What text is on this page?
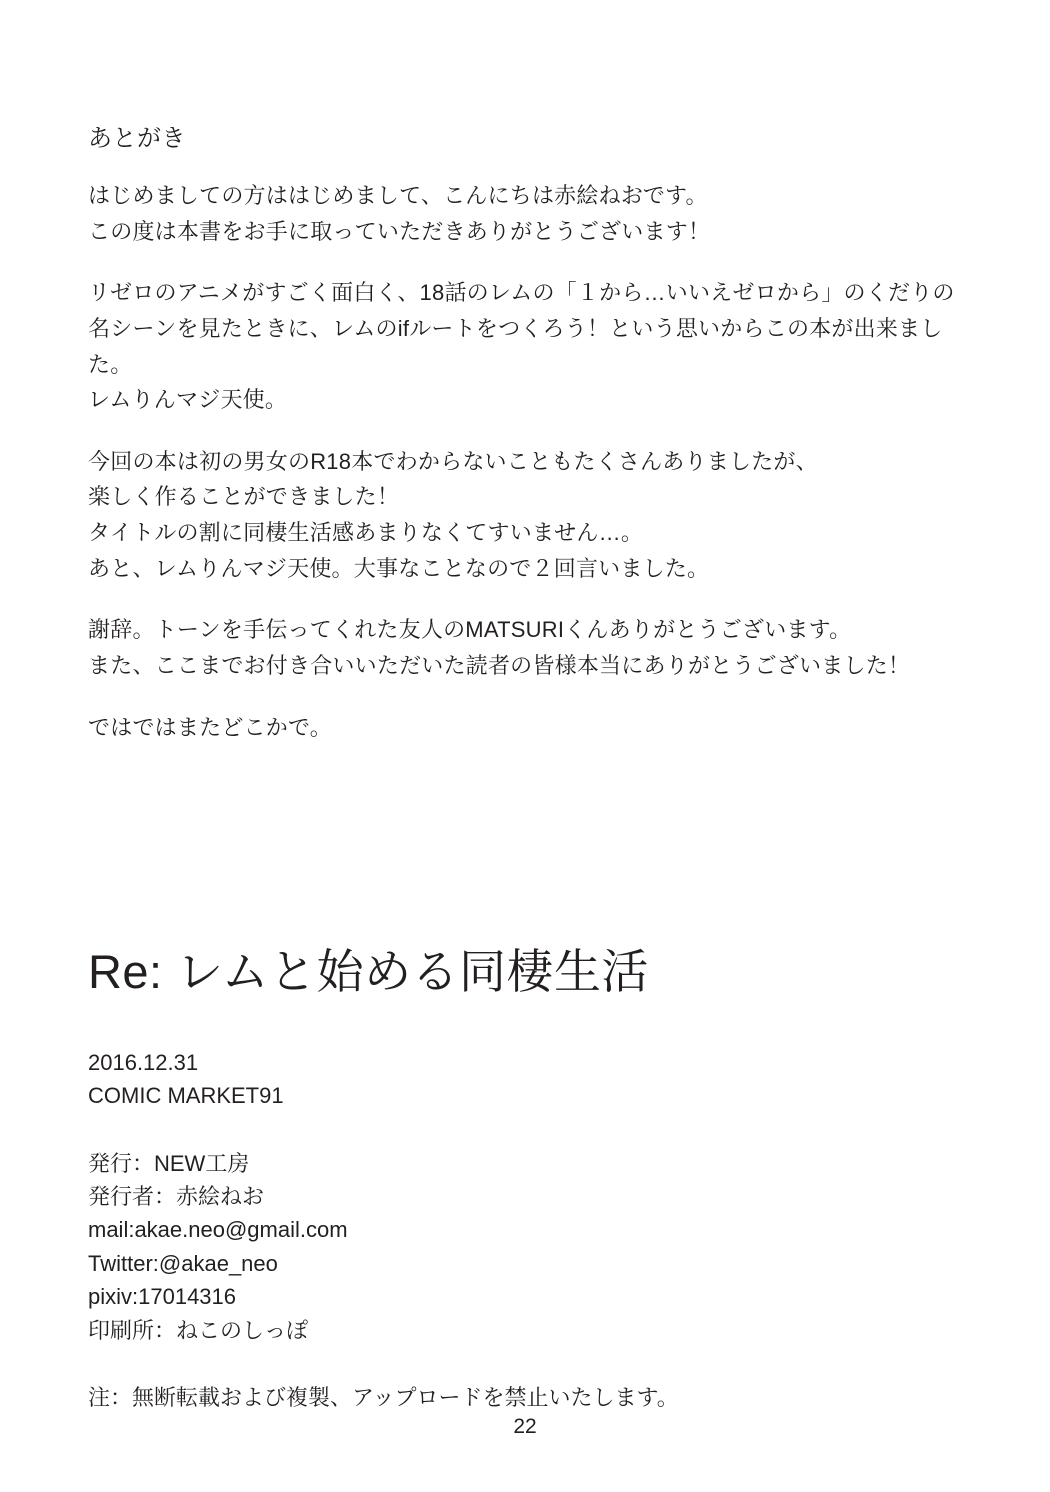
あとがき

はじめましての方ははじめまして、こんにちは赤絵ねおです。
この度は本書をお手に取っていただきありがとうございます！

リゼロのアニメがすごく面白く、18話のレムの「１から…いいえゼロから」のくだりの
名シーンを見たときに、レムのifルートをつくろう！という思いからこの本が出来ました。
レムりんマジ天使。

今回の本は初の男女のR18本でわからないこともたくさんありましたが、
楽しく作ることができました！
タイトルの割に同棲生活感あまりなくてすいません…。
あと、レムりんマジ天使。大事なことなので２回言いました。

謝辞。トーンを手伝ってくれた友人のMATSURIくんありがとうございます。
また、ここまでお付き合いいただいた読者の皆様本当にありがとうございました！

ではではまたどこかで。

Re: レムと始める同棲生活
2016.12.31
COMIC MARKET91
発行：NEW工房
発行者：赤絵ねお
mail:akae.neo@gmail.com
Twitter:@akae_neo
pixiv:17014316
印刷所：ねこのしっぽ
注：無断転載および複製、アップロードを禁止いたします。
22
